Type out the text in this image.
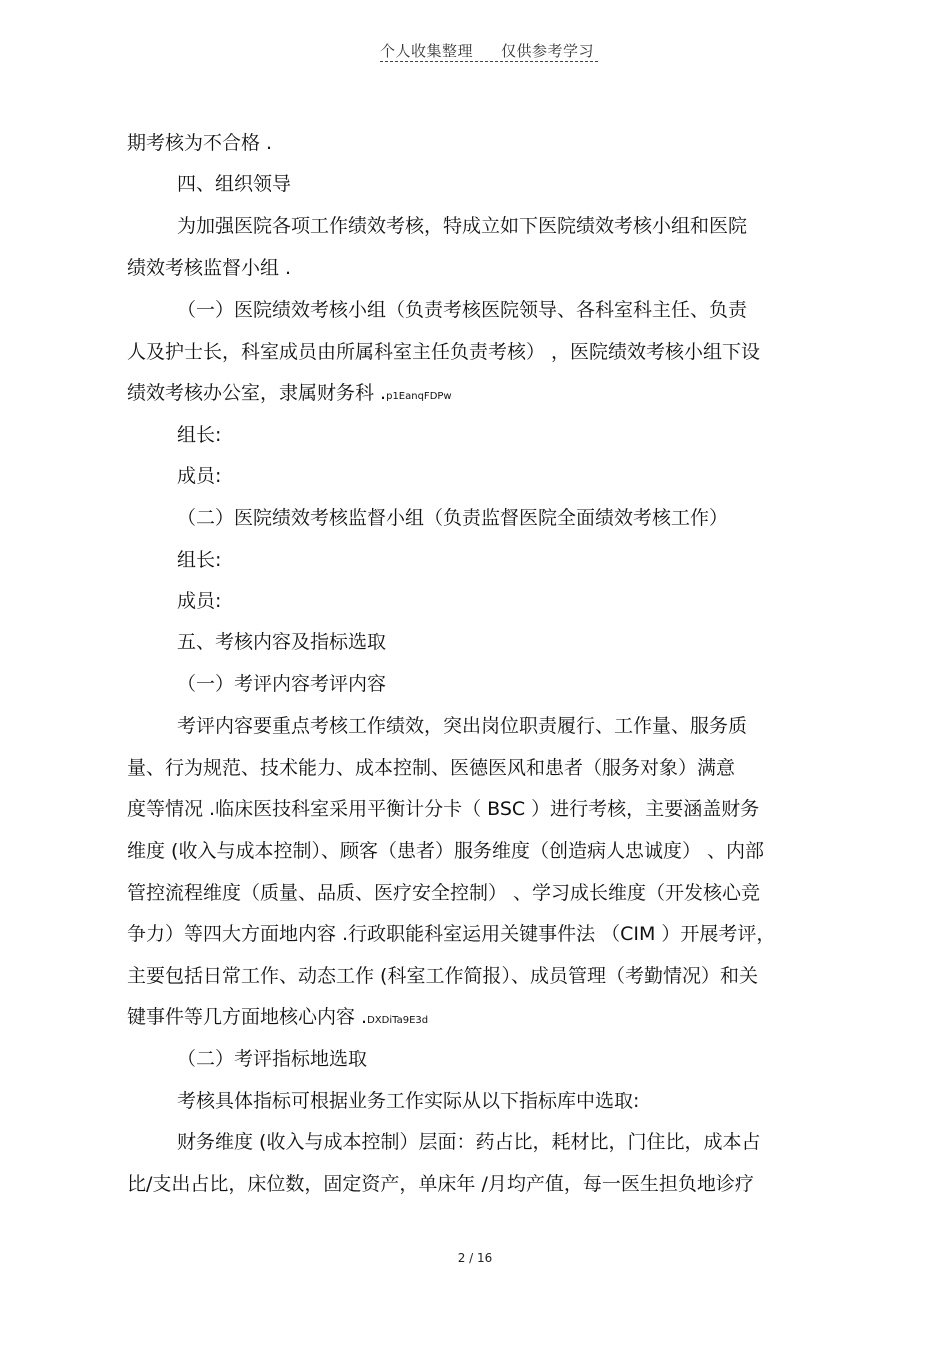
个人收集整理 仅供参考学习
期考核为不合格 .
四、组织领导
为加强医院各项工作绩效考核，特成立如下医院绩效考核小组和医院
绩效考核监督小组 .
（一）医院绩效考核小组（负责考核医院领导、各科室科主任、负责
人及护士长，科室成员由所属科室主任负责考核） ，医院绩效考核小组下设
绩效考核办公室，隶属财务科 .p1EanqFDPw
组长:
成员:
（二）医院绩效考核监督小组（负责监督医院全面绩效考核工作）
组长:
成员:
五、考核内容及指标选取
（一）考评内容考评内容
考评内容要重点考核工作绩效，突出岗位职责履行、工作量、服务质
量、行为规范、技术能力、成本控制、医德医风和患者（服务对象）满意
度等情况 .临床医技科室采用平衡计分卡（ BSC ）进行考核，主要涵盖财务
维度 (收入与成本控制）、顾客（患者）服务维度（创造病人忠诚度） 、内部
管控流程维度（质量、品质、医疗安全控制） 、学习成长维度（开发核心竞
争力）等四大方面地内容 .行政职能科室运用关键事件法 （CIM ）开展考评，
主要包括日常工作、动态工作 (科室工作简报）、成员管理（考勤情况）和关
键事件等几方面地核心内容 .DXDiTa9E3d
（二）考评指标地选取
考核具体指标可根据业务工作实际从以下指标库中选取:
财务维度 (收入与成本控制）层面：药占比，耗材比，门住比，成本占
比/支出占比，床位数，固定资产，单床年 /月均产值，每一医生担负地诊疗
2 / 16
